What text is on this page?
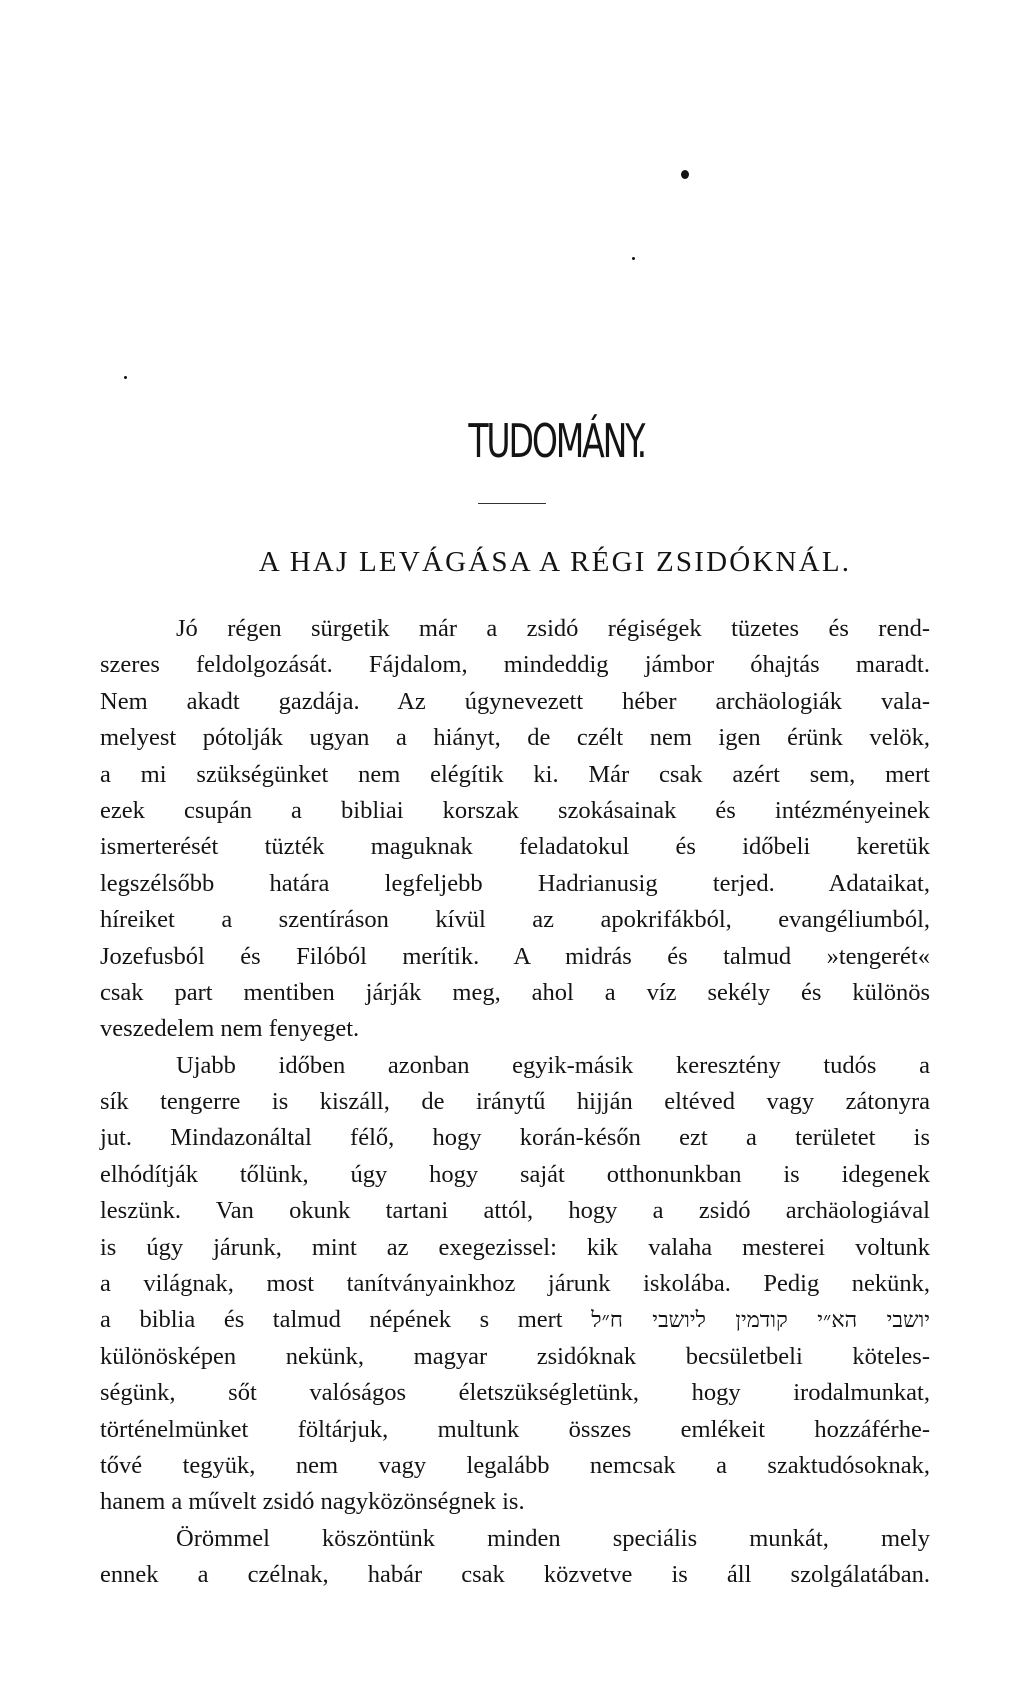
TUDOMÁNY.
A HAJ LEVÁGÁSA A RÉGI ZSIDÓKNÁL.
Jó régen sürgetik már a zsidó régiségek tüzetes és rend-
szeres feldolgozását. Fájdalom, mindeddig jámbor óhajtás maradt.
Nem akadt gazdája. Az úgynevezett héber archäologiák vala-
melyest pótolják ugyan a hiányt, de czélt nem igen érünk velök,
a mi szükségünket nem elégítik ki. Már csak azért sem, mert
ezek csupán a bibliai korszak szokásainak és intézményeinek
ismerterését tüzték maguknak feladatokul és időbeli keretük
legszélsőbb határa legfeljebb Hadrianusig terjed. Adataikat,
híreiket a szentíráson kívül az apokrifákból, evangéliumból,
Jozefusból és Filóból merítik. A midrás és talmud »tengerét«
csak part mentiben járják meg, ahol a víz sekély és különös
veszedelem nem fenyeget.
Ujabb időben azonban egyik-másik keresztény tudós a
sík tengerre is kiszáll, de iránytű hijján eltéved vagy zátonyra
jut. Mindazonáltal félő, hogy korán-későn ezt a területet is
elhódítják tőlünk, úgy hogy saját otthonunkban is idegenek
leszünk. Van okunk tartani attól, hogy a zsidó archäologiával
is úgy járunk, mint az exegezissel: kik valaha mesterei voltunk
a világnak, most tanítványainkhoz járunk iskolába. Pedig nekünk,
a biblia és talmud népének s mert יושבי הא״י קודמין ליושבי ח״ל
különösképen nekünk, magyar zsidóknak becsületbeli köteles-
ségünk, sőt valóságos életszükségletünk, hogy irodalmunkat,
történelmünket föltárjuk, multunk összes emlékeit hozzáférhe-
tővé tegyük, nem vagy legalább nemcsak a szaktudósoknak,
hanem a művelt zsidó nagyközönségnek is.
Örömmel köszöntünk minden speciális munkát, mely
ennek a czélnak, habár csak közvetve is áll szolgálatában.
